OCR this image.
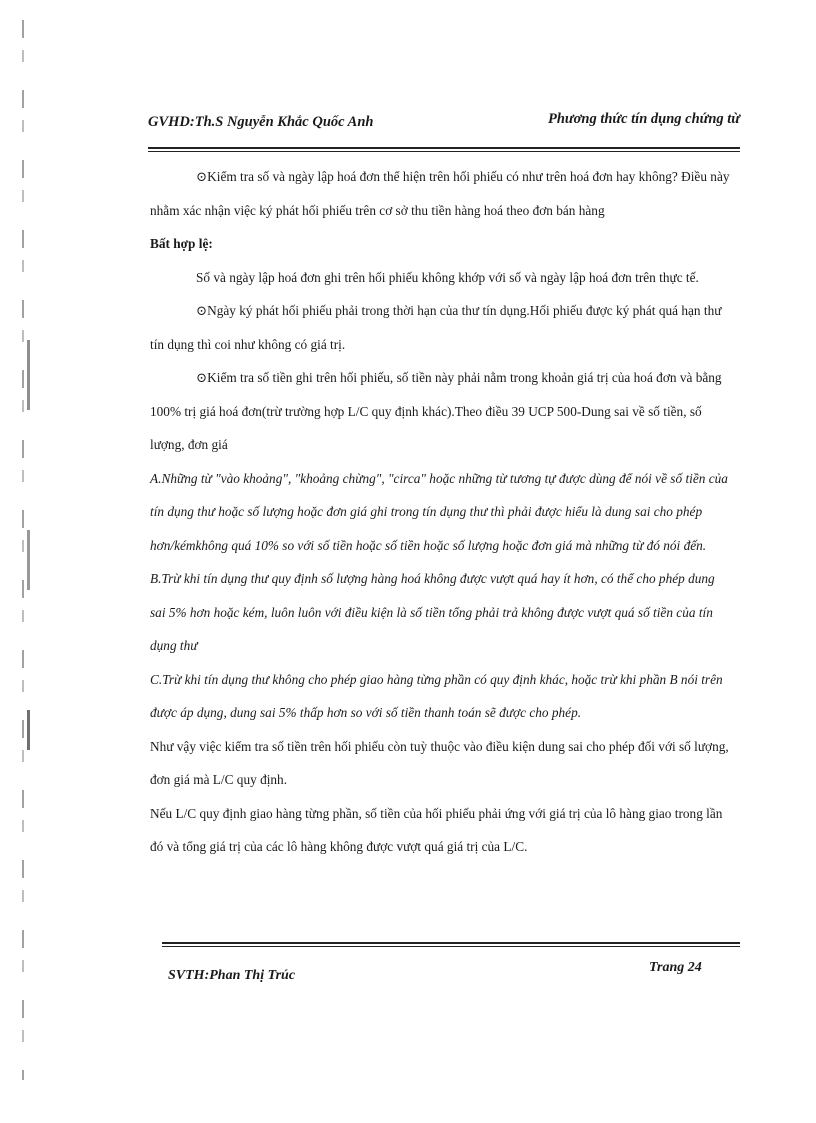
GVHD:Th.S Nguyễn Khắc Quốc Anh	Phương thức tín dụng chứng từ

⊙Kiểm tra số và ngày lập hoá đơn thể hiện trên hối phiếu có như trên hoá đơn hay không? Điều này nhằm xác nhận việc ký phát hối phiếu trên cơ sở thu tiền hàng hoá theo đơn bán hàng

Bất hợp lệ:

Số và ngày lập hoá đơn ghi trên hối phiếu không khớp với số và ngày lập hoá đơn trên thực tế.

⊙Ngày ký phát hối phiếu phải trong thời hạn của thư tín dụng.Hối phiếu được ký phát quá hạn thư tín dụng thì coi như không có giá trị.

⊙Kiểm tra số tiền ghi trên hối phiếu, số tiền này phải nằm trong khoản giá trị của hoá đơn và bằng 100% trị giá hoá đơn(trừ trường hợp L/C quy định khác).Theo điều 39 UCP 500-Dung sai về số tiền, số lượng, đơn giá

A.Những từ "vào khoảng", "khoảng chừng", "circa" hoặc những từ tương tự được dùng để nói về số tiền của tín dụng thư hoặc số lượng hoặc đơn giá ghi trong tín dụng thư thì phải được hiểu là dung sai cho phép hơn/kémkhông quá 10% so với số tiền hoặc số tiền hoặc số lượng hoặc đơn giá mà những từ đó nói đến.

B.Trừ khi tín dụng thư quy định số lượng hàng hoá không được vượt quá hay ít hơn, có thể cho phép dung sai 5% hơn hoặc kém, luôn luôn với điều kiện là số tiền tổng phải trả không được vượt quá số tiền của tín dụng thư

C.Trừ khi tín dụng thư không cho phép giao hàng từng phần có quy định khác, hoặc trừ khi phần B nói trên được áp dụng, dung sai 5% thấp hơn so với số tiền thanh toán sẽ được cho phép.

Như vậy việc kiểm tra số tiền trên hối phiếu còn tuỳ thuộc vào điều kiện dung sai cho phép đối với số lượng, đơn giá mà L/C quy định.

Nếu L/C quy định giao hàng từng phần, số tiền của hối phiếu phải ứng với giá trị của lô hàng giao trong lần đó và tổng giá trị của các lô hàng không được vượt quá giá trị của L/C.

SVTH:Phan Thị Trúc
Trang 24
